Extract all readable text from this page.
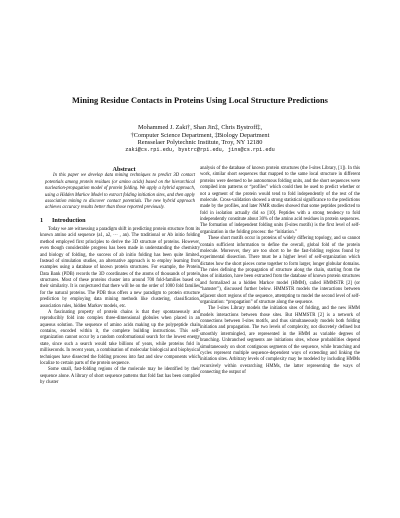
Mining Residue Contacts in Proteins Using Local Structure Predictions
Mohammed J. Zaki†, Shan Jin‡, Chris Bystroff‡,
†Computer Science Department, ‡Biology Department
Rensselaer Polytechnic Institute, Troy, NY 12180
zaki@cs.rpi.edu, bystrc@rpi.edu, jins@cs.rpi.edu

Abstract

In this paper we develop data mining techniques to predict 3D contact potentials among protein residues (or amino acids) based on the hierarchical nucleation-propagation model of protein folding. We apply a hybrid approach, using a Hidden Markov Model to extract folding initiation sites, and then apply association mining to discover contact potentials. The new hybrid approach achieves accuracy results better than those reported previously.

1	Introduction

Today we are witnessing a paradigm shift in predicting protein structure from its known amino acid sequence (a1, a2, ··· , an). The traditional or Ab initio folding method employed first principles to derive the 3D structure of proteins. However, even though considerable progress has been made in understanding the chemistry and biology of folding, the success of ab initio folding has been quite limited. Instead of simulation studies, an alternative approach is to employ learning from examples using a database of known protein structures. For example, the Protein Data Bank (PDB) records the 3D coordinates of the atoms of thousands of protein structures. Most of these proteins cluster into around 700 fold-families based on their similarity. It is conjectured that there will be on the order of 1000 fold families for the natural proteins. The PDB thus offers a new paradigm to protein structure prediction by employing data mining methods like clustering, classification, association rules, hidden Markov models, etc.

A fascinating property of protein chains is that they spontaneously and reproducibly fold into complex three-dimensional globules when placed in an aqueous solution. The sequence of amino acids making up the polypeptide chain contains, encoded within it, the complete building instructions. This self-organization cannot occur by a random conformational search for the lowest energy state, since such a search would take billions of years, while proteins fold in milliseconds. In recent years, a combination of molecular biological and biophysical techniques have dissected the folding process into fast and slow components which localize to certain parts of the protein sequence.

Some small, fast-folding regions of the molecule may be identified by their sequence alone. A library of short sequence patterns that fold fast has been compiled by cluster

analysis of the database of known protein structures (the I-sites Library, [1]). In this work, similar short sequences that mapped to the same local structure in different proteins were deemed to be autonomous folding units, and the short sequences were compiled into patterns or “profiles” which could then be used to predict whether or not a segment of the protein would tend to fold independently of the rest of the molecule. Cross-validation showed a strong statistical significance to the predictions made by the profiles, and later NMR studies showed that some peptides predicted to fold in isolation actually did so [10]. Peptides with a strong tendency to fold independently constitute about 30% of the amino acid residues in protein sequences. The formation of independent folding units (I-sites motifs) is the first level of self-organization in the folding process: the “initiation.”

These short motifs occur in proteins of widely differing topology, and so cannot contain sufficient information to define the overall, global fold of the protein molecule. Moreover, they are too short to be the fast-folding regions found by experimental dissection. There must be a higher level of self-organization which dictates how the short pieces come together to form larger, longer globular domains. The rules defining the propagation of structure along the chain, starting from the sites of initiation, have been extracted from the database of known protein structures and formalized as a hidden Markov model (HMM), called HMMSTR [2] (or “hamster”), discussed further below. HMMSTR models the interactions between adjacent short regions of the sequence, attempting to model the second level of self-organization: “propagation” of structure along the sequence.

The I-sites Library models the initiation sites of folding, and the new HMM models interactions between those sites. But HMMSTR [2] is a network of connections between I-sites motifs, and thus simultaneously models both folding initiation and propagation. The two levels of complexity, not discretely defined but smoothly intermingled, are represented in the HMM as variable degrees of branching. Unbranched segments are initiations sites, whose probabilities depend simultaneously on short contiguous segments of the sequence, while branching and cycles represent multiple sequence-dependent ways of extending and linking the initiation sites. Arbitrary levels of complexity may be modeled by including HMMs recursively within overarching HMMs, the latter representing the ways of connecting the output of
